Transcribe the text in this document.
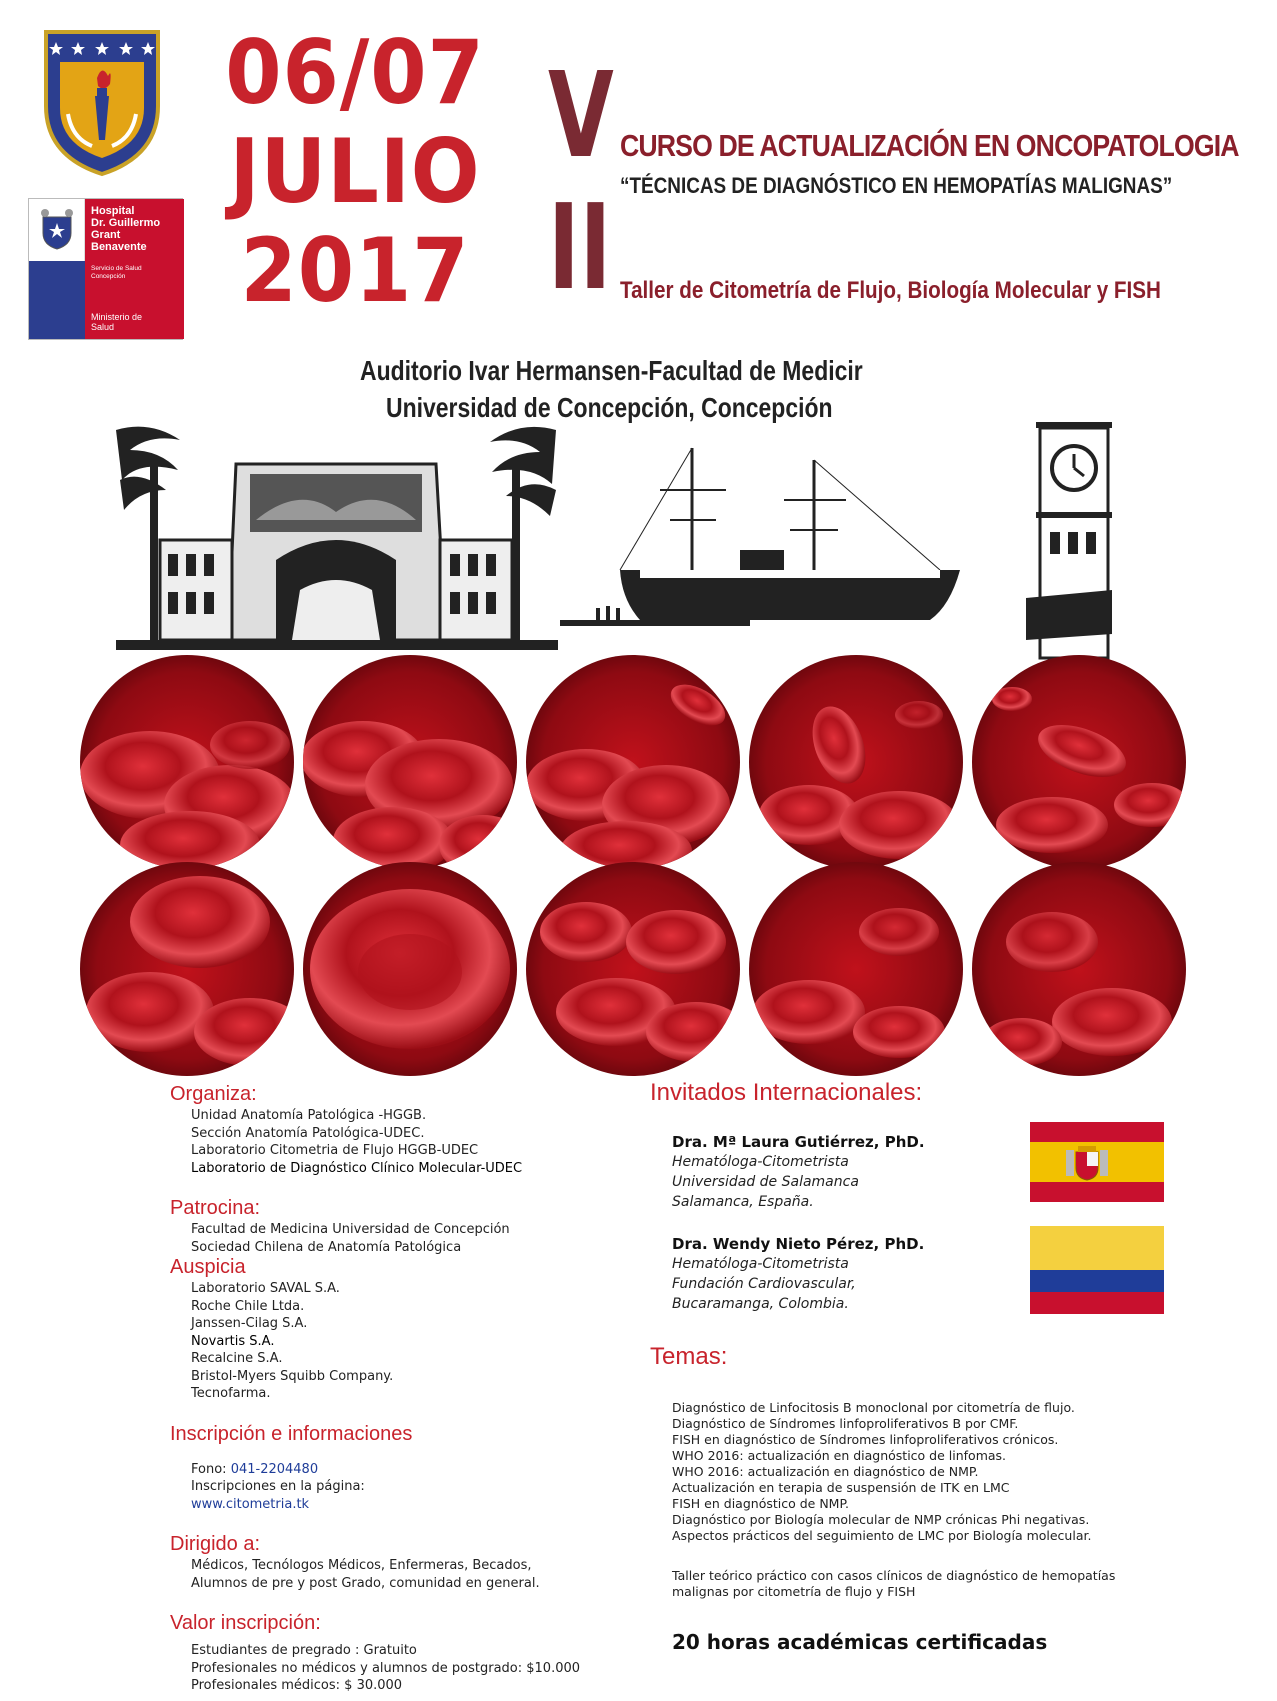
Hospital
Dr. Guillermo
Grant
Benavente
Servicio de Salud
Concepción
Ministerio de
Salud
06/07
JULIO
2017
V
II
CURSO DE ACTUALIZACIÓN EN ONCOPATOLOGIA
“TÉCNICAS DE DIAGNÓSTICO EN HEMOPATÍAS MALIGNAS”
Taller de Citometría de Flujo, Biología Molecular y FISH
Auditorio Ivar Hermansen-Facultad de Medicir
Universidad de Concepción, Concepción
Organiza:
Unidad Anatomía Patológica -HGGB.
Sección Anatomía Patológica-UDEC.
Laboratorio Citometria de Flujo HGGB-UDEC
Laboratorio de Diagnóstico Clínico Molecular-UDEC
Patrocina:
Facultad de Medicina Universidad de Concepción
Sociedad Chilena de Anatomía Patológica
Auspicia
Laboratorio SAVAL S.A.
Roche Chile Ltda.
Janssen-Cilag S.A.
Novartis S.A.
Recalcine S.A.
Bristol-Myers Squibb Company.
Tecnofarma.
Inscripción e informaciones
Fono: 041-2204480
Inscripciones en la página:
www.citometria.tk
Dirigido a:
Médicos, Tecnólogos Médicos, Enfermeras, Becados,
Alumnos de pre y post Grado, comunidad en general.
Valor inscripción:
Estudiantes de pregrado : Gratuito
Profesionales no médicos y alumnos de postgrado: $10.000
Profesionales médicos: $ 30.000
Invitados Internacionales:
Dra. Mª Laura Gutiérrez, PhD.
Hematóloga-Citometrista
Universidad de Salamanca
Salamanca, España.
Dra. Wendy Nieto Pérez, PhD.
Hematóloga-Citometrista
Fundación Cardiovascular,
Bucaramanga, Colombia.
Temas:
Diagnóstico de Linfocitosis B monoclonal por citometría de flujo.
Diagnóstico de Síndromes linfoproliferativos B por CMF.
FISH en diagnóstico de Síndromes linfoproliferativos crónicos.
WHO 2016: actualización en diagnóstico de linfomas.
WHO 2016: actualización en diagnóstico de NMP.
Actualización en terapia de suspensión de ITK en LMC
FISH en diagnóstico de NMP.
Diagnóstico por Biología molecular de NMP crónicas Phi negativas.
Aspectos prácticos del seguimiento de LMC por Biología molecular.
Taller teórico práctico con casos clínicos de diagnóstico de hemopatías
malignas por citometría de flujo y FISH
20 horas académicas certificadas
